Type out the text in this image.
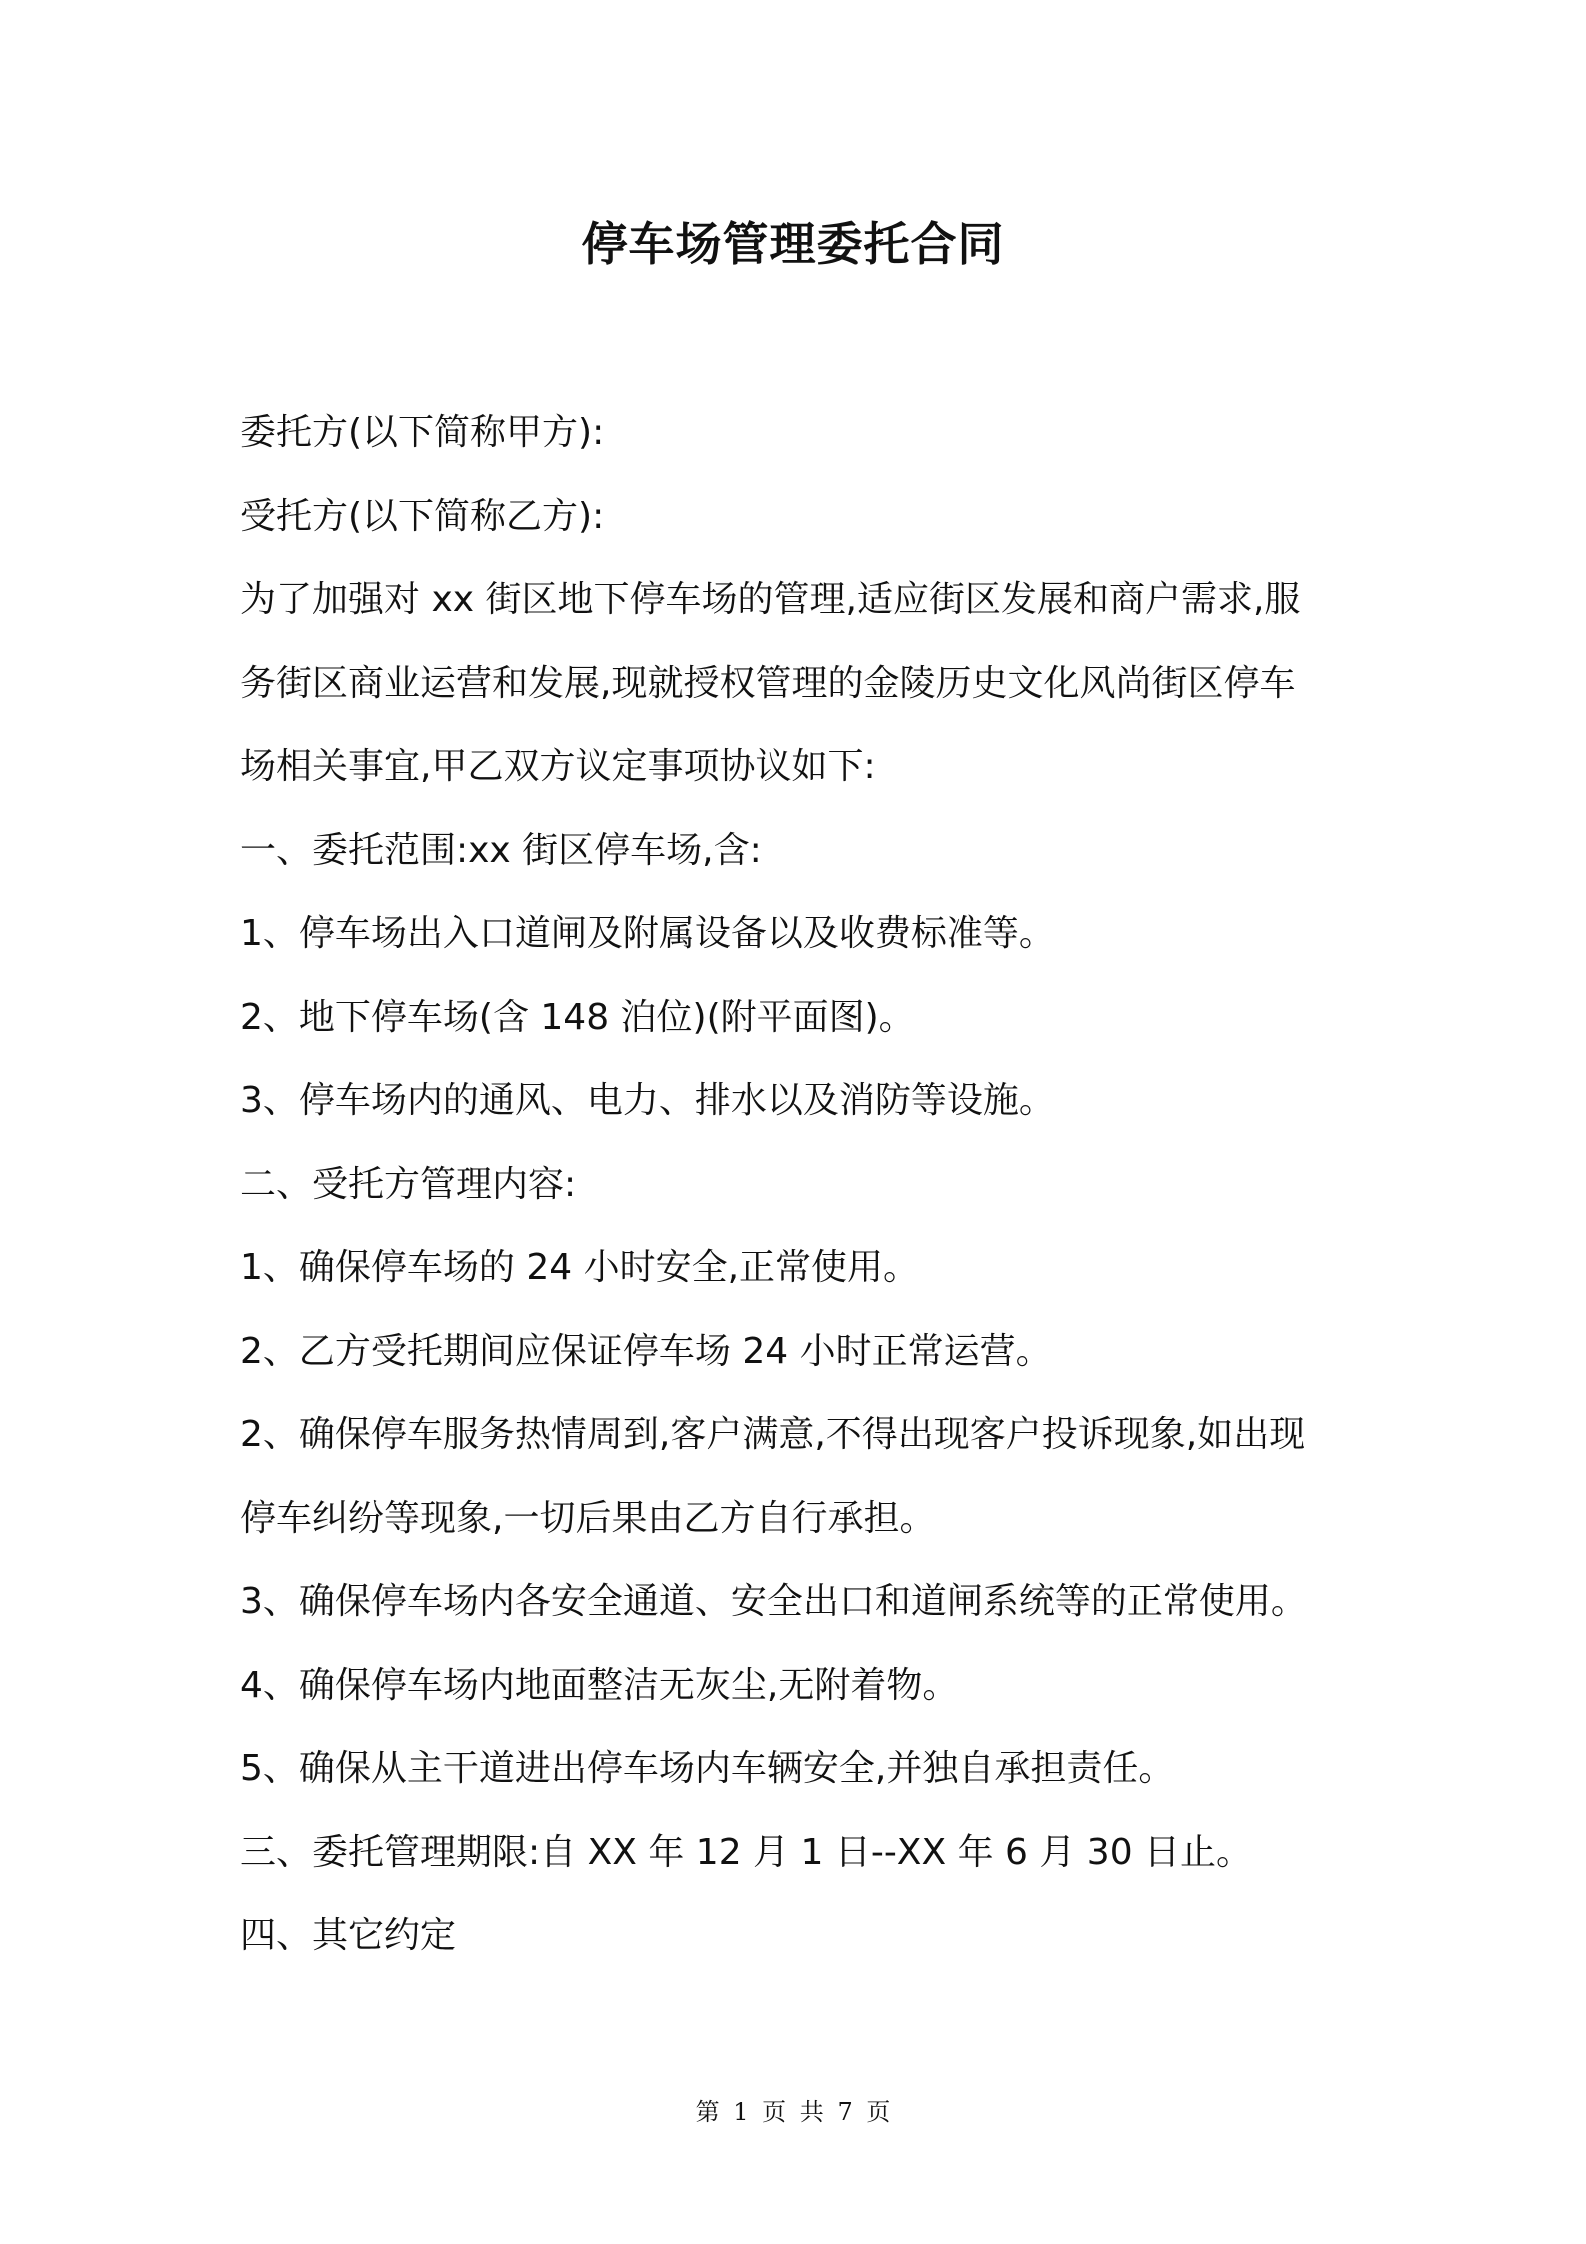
停车场管理委托合同
委托方(以下简称甲方):
受托方(以下简称乙方):
为了加强对 xx 街区地下停车场的管理,适应街区发展和商户需求,服
务街区商业运营和发展,现就授权管理的金陵历史文化风尚街区停车
场相关事宜,甲乙双方议定事项协议如下:
一、委托范围:xx 街区停车场,含:
1、停车场出入口道闸及附属设备以及收费标准等。
2、地下停车场(含 148 泊位)(附平面图)。
3、停车场内的通风、电力、排水以及消防等设施。
二、受托方管理内容:
1、确保停车场的 24 小时安全,正常使用。
2、乙方受托期间应保证停车场 24 小时正常运营。
2、确保停车服务热情周到,客户满意,不得出现客户投诉现象,如出现
停车纠纷等现象,一切后果由乙方自行承担。
3、确保停车场内各安全通道、安全出口和道闸系统等的正常使用。
4、确保停车场内地面整洁无灰尘,无附着物。
5、确保从主干道进出停车场内车辆安全,并独自承担责任。
三、委托管理期限:自 XX 年 12 月 1 日--XX 年 6 月 30 日止。
四、其它约定
第 1 页 共 7 页
